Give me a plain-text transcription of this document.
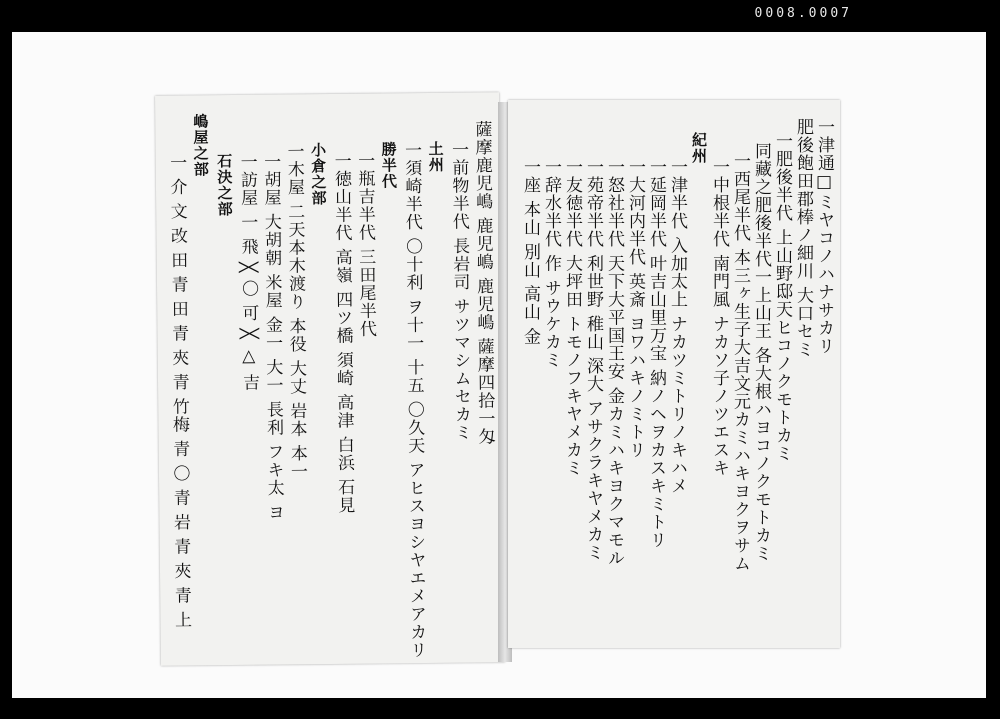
0008.0007
薩摩鹿児嶋 鹿児嶋 鹿児嶋 薩摩四拾一匁
一前物半代 長岩司 サツマシムセカミ
土州
一須崎半代 〇十利 ヲ十一 十五 〇久天 アヒスヨシヤエメアカリ
勝半代
一瓶吉半代 三田尾半代
一徳山半代 高嶺 四ツ橋 須崎 高津 白浜 石見
小倉之部
一木屋 二天本木渡り 本役 大丈 岩本 本一
一胡屋 大胡朝 米屋 金一 大一 長利 フキ太 ヨ
一訪屋 一 飛 ╳ 〇 可 ╳ △ 吉
石決之部
嶋屋之部
一 介 文 改 田 青 田 青 夾 青 竹梅 青 〇 青 岩 青 夾 青 上	一津通□ミヤコノハナサカリ
肥後飽田郡棒ノ細川 大口セミ
一肥後半代 上山野邸天ヒコノクモトカミ
同藏之肥後半代一上山王 各大根ハヨコノクモトカミ
一西尾半代 本三ヶ生子大吉文元カミハキヨクヲサム
一中根半代 南門風 ナカソ子ノツエスキ
紀州
一津半代 入加太上 ナカツミトリノキハメ
一延岡半代 叶吉山里万宝 納ノヘヲカスキミトリ
一大河内半代 英斎 ヨワハキノミトリ
一怒社半代 天下大平国王安 金カミハキヨクマモル
一苑帝半代 利世野 稚山 深大 アサクラキヤメカミ
一友徳半代 大坪田 トモノフキヤメカミ
一辞水半代 作 サウケカミ
一座 本山 別山 高山 金
